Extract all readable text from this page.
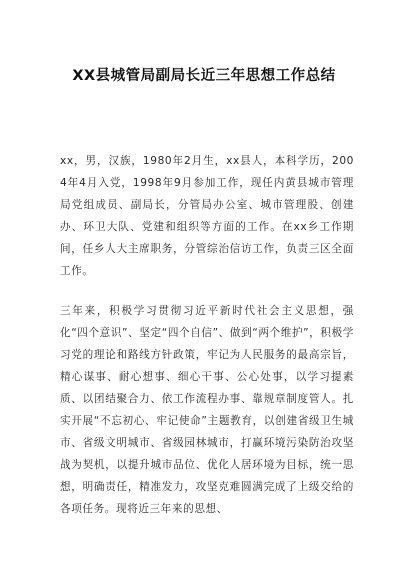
XX县城管局副局长近三年思想工作总结

xx，男，汉族，1980年2月生，xx县人，本科学历，2004年4月入党，1998年9月参加工作，现任内黄县城市管理局党组成员、副局长，分管局办公室、城市管理股、创建办、环卫大队、党建和组织等方面的工作。在xx乡工作期间，任乡人大主席职务，分管综治信访工作，负责三区全面工作。

三年来，积极学习贯彻习近平新时代社会主义思想，强化“四个意识”、坚定“四个自信”、做到“两个维护”，积极学习党的理论和路线方针政策，牢记为人民服务的最高宗旨，精心谋事、耐心想事、细心干事、公心处事，以学习提素质、以团结聚合力、依工作流程办事、靠规章制度管人。扎实开展“不忘初心、牢记使命”主题教育，以创建省级卫生城市、省级文明城市、省级园林城市，打赢环境污染防治攻坚战为契机，以提升城市品位、优化人居环境为目标，统一思想，明确责任，精准发力，攻坚克难圆满完成了上级交给的各项任务。现将近三年来的思想、
